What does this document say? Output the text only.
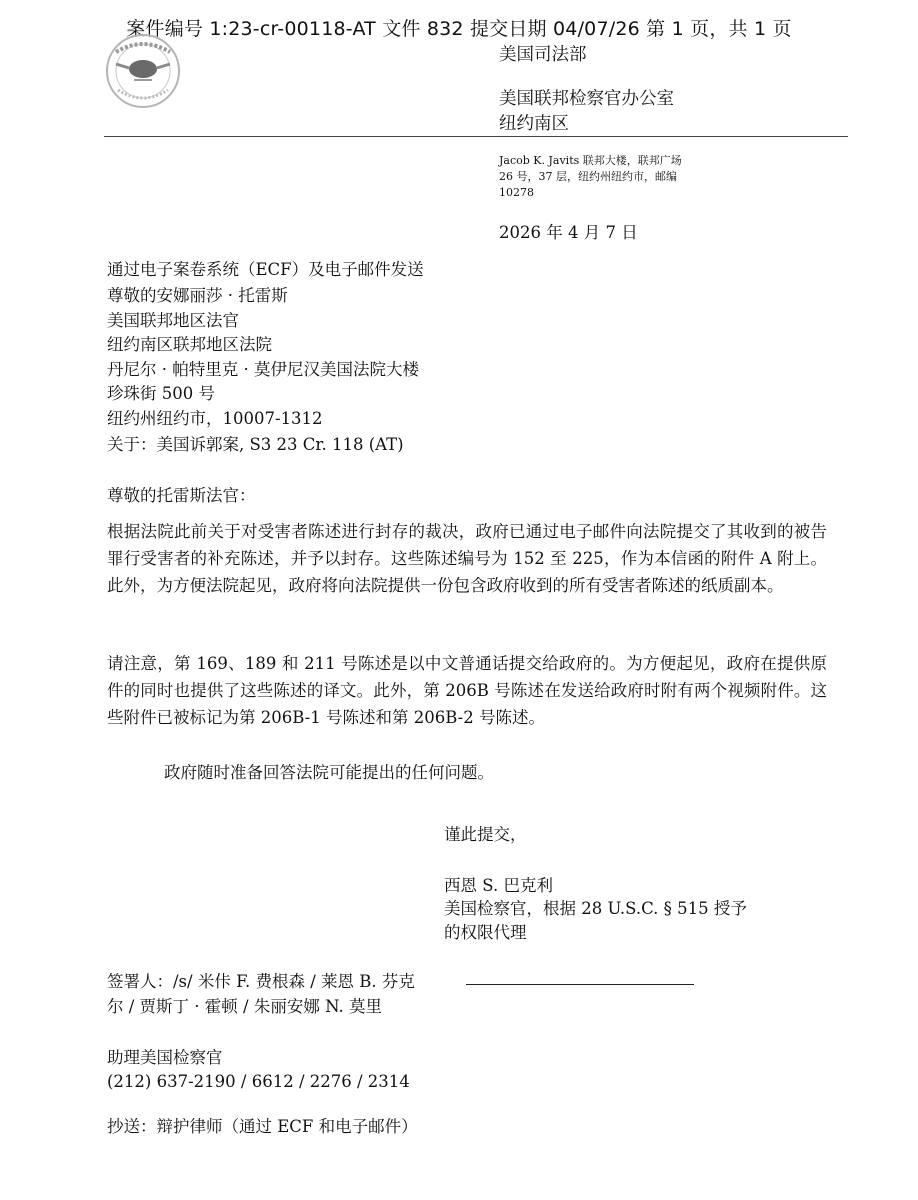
案件编号 1:23-cr-00118-AT 文件 832 提交日期 04/07/26 第 1 页，共 1 页
美国司法部
美国联邦检察官办公室
纽约南区
Jacob K. Javits 联邦大楼，联邦广场
26 号，37 层，纽约州纽约市，邮编
10278
2026 年 4 月 7 日
通过电子案卷系统（ECF）及电子邮件发送
尊敬的安娜丽莎 · 托雷斯
美国联邦地区法官
纽约南区联邦地区法院
丹尼尔 · 帕特里克 · 莫伊尼汉美国法院大楼
珍珠街 500 号
纽约州纽约市，10007-1312
关于：美国诉郭案, S3 23 Cr. 118 (AT)
尊敬的托雷斯法官：
根据法院此前关于对受害者陈述进行封存的裁决，政府已通过电子邮件向法院提交了其收到的被告罪行受害者的补充陈述，并予以封存。这些陈述编号为 152 至 225，作为本信函的附件 A 附上。此外，为方便法院起见，政府将向法院提供一份包含政府收到的所有受害者陈述的纸质副本。
请注意，第 169、189 和 211 号陈述是以中文普通话提交给政府的。为方便起见，政府在提供原件的同时也提供了这些陈述的译文。此外，第 206B 号陈述在发送给政府时附有两个视频附件。这些附件已被标记为第 206B-1 号陈述和第 206B-2 号陈述。
政府随时准备回答法院可能提出的任何问题。
谨此提交，
西恩 S. 巴克利
美国检察官，根据 28 U.S.C. § 515 授予
的权限代理
签署人：/s/ 米佧 F. 费根森 / 莱恩 B. 芬克
尔 / 贾斯丁 · 霍顿 / 朱丽安娜 N. 莫里
助理美国检察官
(212) 637-2190 / 6612 / 2276 / 2314
抄送：辩护律师（通过 ECF 和电子邮件）
